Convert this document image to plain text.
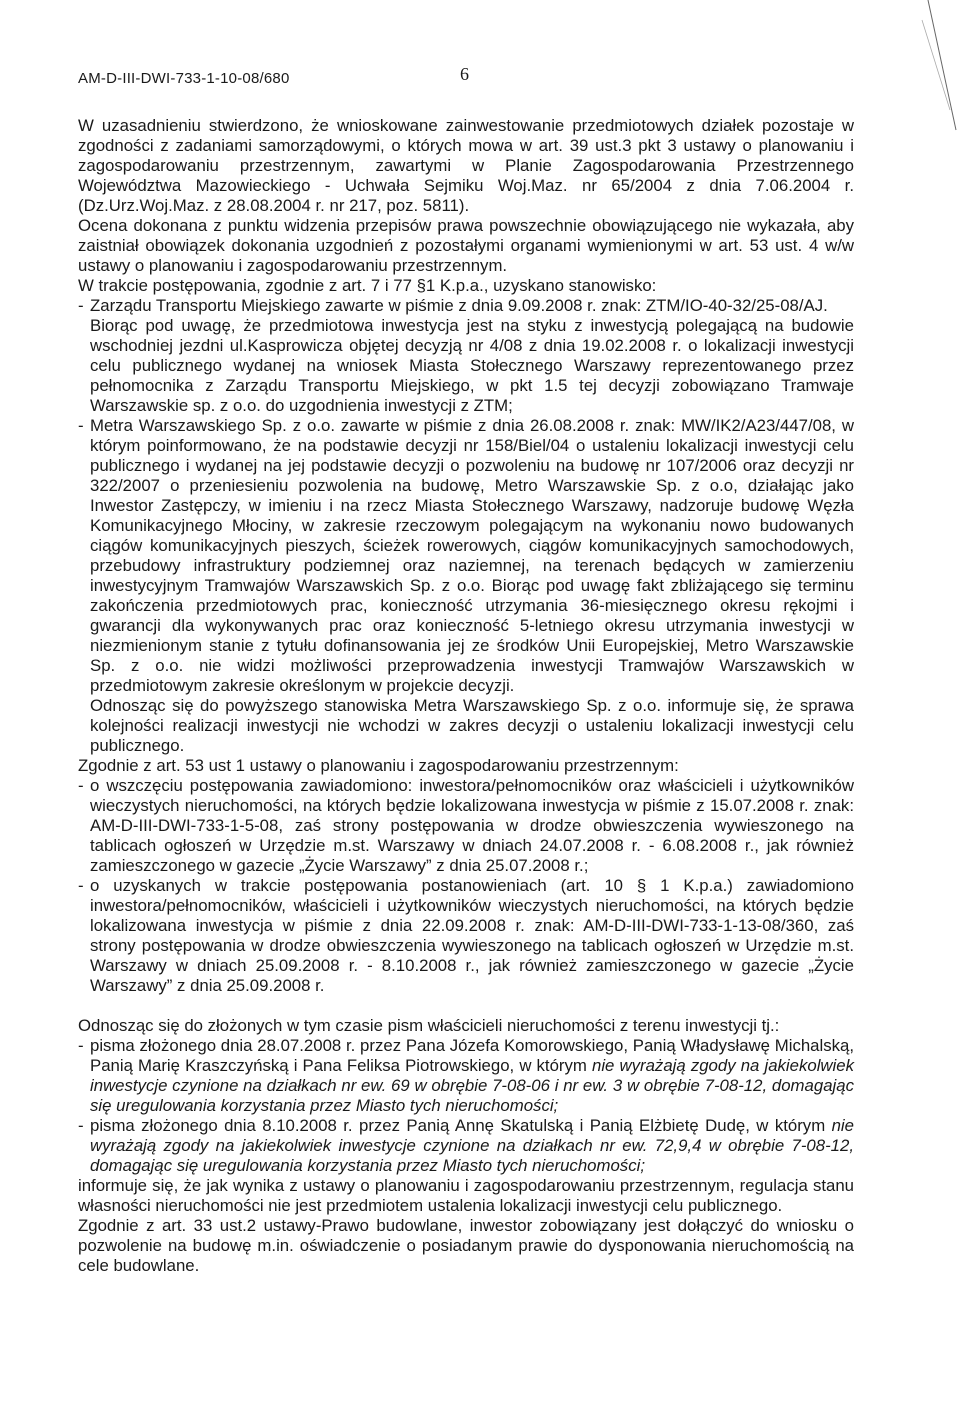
AM-D-III-DWI-733-1-10-08/680	6

W uzasadnieniu stwierdzono, że wnioskowane zainwestowanie przedmiotowych działek pozostaje w zgodności z zadaniami samorządowymi, o których mowa w art. 39 ust.3 pkt 3 ustawy o planowaniu i zagospodarowaniu przestrzennym, zawartymi w Planie Zagospodarowania Przestrzennego Województwa Mazowieckiego - Uchwała Sejmiku Woj.Maz. nr 65/2004 z dnia 7.06.2004 r. (Dz.Urz.Woj.Maz. z 28.08.2004 r. nr 217, poz. 5811).

Ocena dokonana z punktu widzenia przepisów prawa powszechnie obowiązującego nie wykazała, aby zaistniał obowiązek dokonania uzgodnień z pozostałymi organami wymienionymi w art. 53 ust. 4 w/w ustawy o planowaniu i zagospodarowaniu przestrzennym.

W trakcie postępowania, zgodnie z art. 7 i 77 §1 K.p.a., uzyskano stanowisko:

- Zarządu Transportu Miejskiego zawarte w piśmie z dnia 9.09.2008 r. znak: ZTM/IO-40-32/25-08/AJ.

Biorąc pod uwagę, że przedmiotowa inwestycja jest na styku z inwestycją polegającą na budowie wschodniej jezdni ul.Kasprowicza objętej decyzją nr 4/08 z dnia 19.02.2008 r. o lokalizacji inwestycji celu publicznego wydanej na wniosek Miasta Stołecznego Warszawy reprezentowanego przez pełnomocnika z Zarządu Transportu Miejskiego, w pkt 1.5 tej decyzji zobowiązano Tramwaje Warszawskie sp. z o.o. do uzgodnienia inwestycji z ZTM;

- Metra Warszawskiego Sp. z o.o. zawarte w piśmie z dnia 26.08.2008 r. znak: MW/IK2/A23/447/08, w którym poinformowano, że na podstawie decyzji nr 158/Biel/04 o ustaleniu lokalizacji inwestycji celu publicznego i wydanej na jej podstawie decyzji o pozwoleniu na budowę nr 107/2006 oraz decyzji nr 322/2007 o przeniesieniu pozwolenia na budowę, Metro Warszawskie Sp. z o.o, działając jako Inwestor Zastępczy, w imieniu i na rzecz Miasta Stołecznego Warszawy, nadzoruje budowę Węzła Komunikacyjnego Młociny, w zakresie rzeczowym polegającym na wykonaniu nowo budowanych ciągów komunikacyjnych pieszych, ścieżek rowerowych, ciągów komunikacyjnych samochodowych, przebudowy infrastruktury podziemnej oraz naziemnej, na terenach będących w zamierzeniu inwestycyjnym Tramwajów Warszawskich Sp. z o.o. Biorąc pod uwagę fakt zbliżającego się terminu zakończenia przedmiotowych prac, konieczność utrzymania 36-miesięcznego okresu rękojmi i gwarancji dla wykonywanych prac oraz konieczność 5-letniego okresu utrzymania inwestycji w niezmienionym stanie z tytułu dofinansowania jej ze środków Unii Europejskiej, Metro Warszawskie Sp. z o.o. nie widzi możliwości przeprowadzenia inwestycji Tramwajów Warszawskich w przedmiotowym zakresie określonym w projekcie decyzji.

Odnosząc się do powyższego stanowiska Metra Warszawskiego Sp. z o.o. informuje się, że sprawa kolejności realizacji inwestycji nie wchodzi w zakres decyzji o ustaleniu lokalizacji inwestycji celu publicznego.

Zgodnie z art. 53 ust 1 ustawy o planowaniu i zagospodarowaniu przestrzennym:

- o wszczęciu postępowania zawiadomiono: inwestora/pełnomocników oraz właścicieli i użytkowników wieczystych nieruchomości, na których będzie lokalizowana inwestycja w piśmie z 15.07.2008 r. znak: AM-D-III-DWI-733-1-5-08, zaś strony postępowania w drodze obwieszczenia wywieszonego na tablicach ogłoszeń w Urzędzie m.st. Warszawy w dniach 24.07.2008 r. - 6.08.2008 r., jak również zamieszczonego w gazecie „Życie Warszawy” z dnia 25.07.2008 r.;
- o uzyskanych w trakcie postępowania postanowieniach (art. 10 § 1 K.p.a.) zawiadomiono inwestora/pełnomocników, właścicieli i użytkowników wieczystych nieruchomości, na których będzie lokalizowana inwestycja w piśmie z dnia 22.09.2008 r. znak: AM-D-III-DWI-733-1-13-08/360, zaś strony postępowania w drodze obwieszczenia wywieszonego na tablicach ogłoszeń w Urzędzie m.st. Warszawy w dniach 25.09.2008 r. - 8.10.2008 r., jak również zamieszczonego w gazecie „Życie Warszawy” z dnia 25.09.2008 r.

Odnosząc się do złożonych w tym czasie pism właścicieli nieruchomości z terenu inwestycji tj.:

- pisma złożonego dnia 28.07.2008 r. przez Pana Józefa Komorowskiego, Panią Władysławę Michalską, Panią Marię Kraszczyńską i Pana Feliksa Piotrowskiego, w którym nie wyrażają zgody na jakiekolwiek inwestycje czynione na działkach nr ew. 69 w obrębie 7-08-06 i nr ew. 3 w obrębie 7-08-12, domagając się uregulowania korzystania przez Miasto tych nieruchomości;
- pisma złożonego dnia 8.10.2008 r. przez Panią Annę Skatulską i Panią Elżbietę Dudę, w którym nie wyrażają zgody na jakiekolwiek inwestycje czynione na działkach nr ew. 72,9,4 w obrębie 7-08-12, domagając się uregulowania korzystania przez Miasto tych nieruchomości;

informuje się, że jak wynika z ustawy o planowaniu i zagospodarowaniu przestrzennym, regulacja stanu własności nieruchomości nie jest przedmiotem ustalenia lokalizacji inwestycji celu publicznego.

Zgodnie z art. 33 ust.2 ustawy-Prawo budowlane, inwestor zobowiązany jest dołączyć do wniosku o pozwolenie na budowę m.in. oświadczenie o posiadanym prawie do dysponowania nieruchomością na cele budowlane.
